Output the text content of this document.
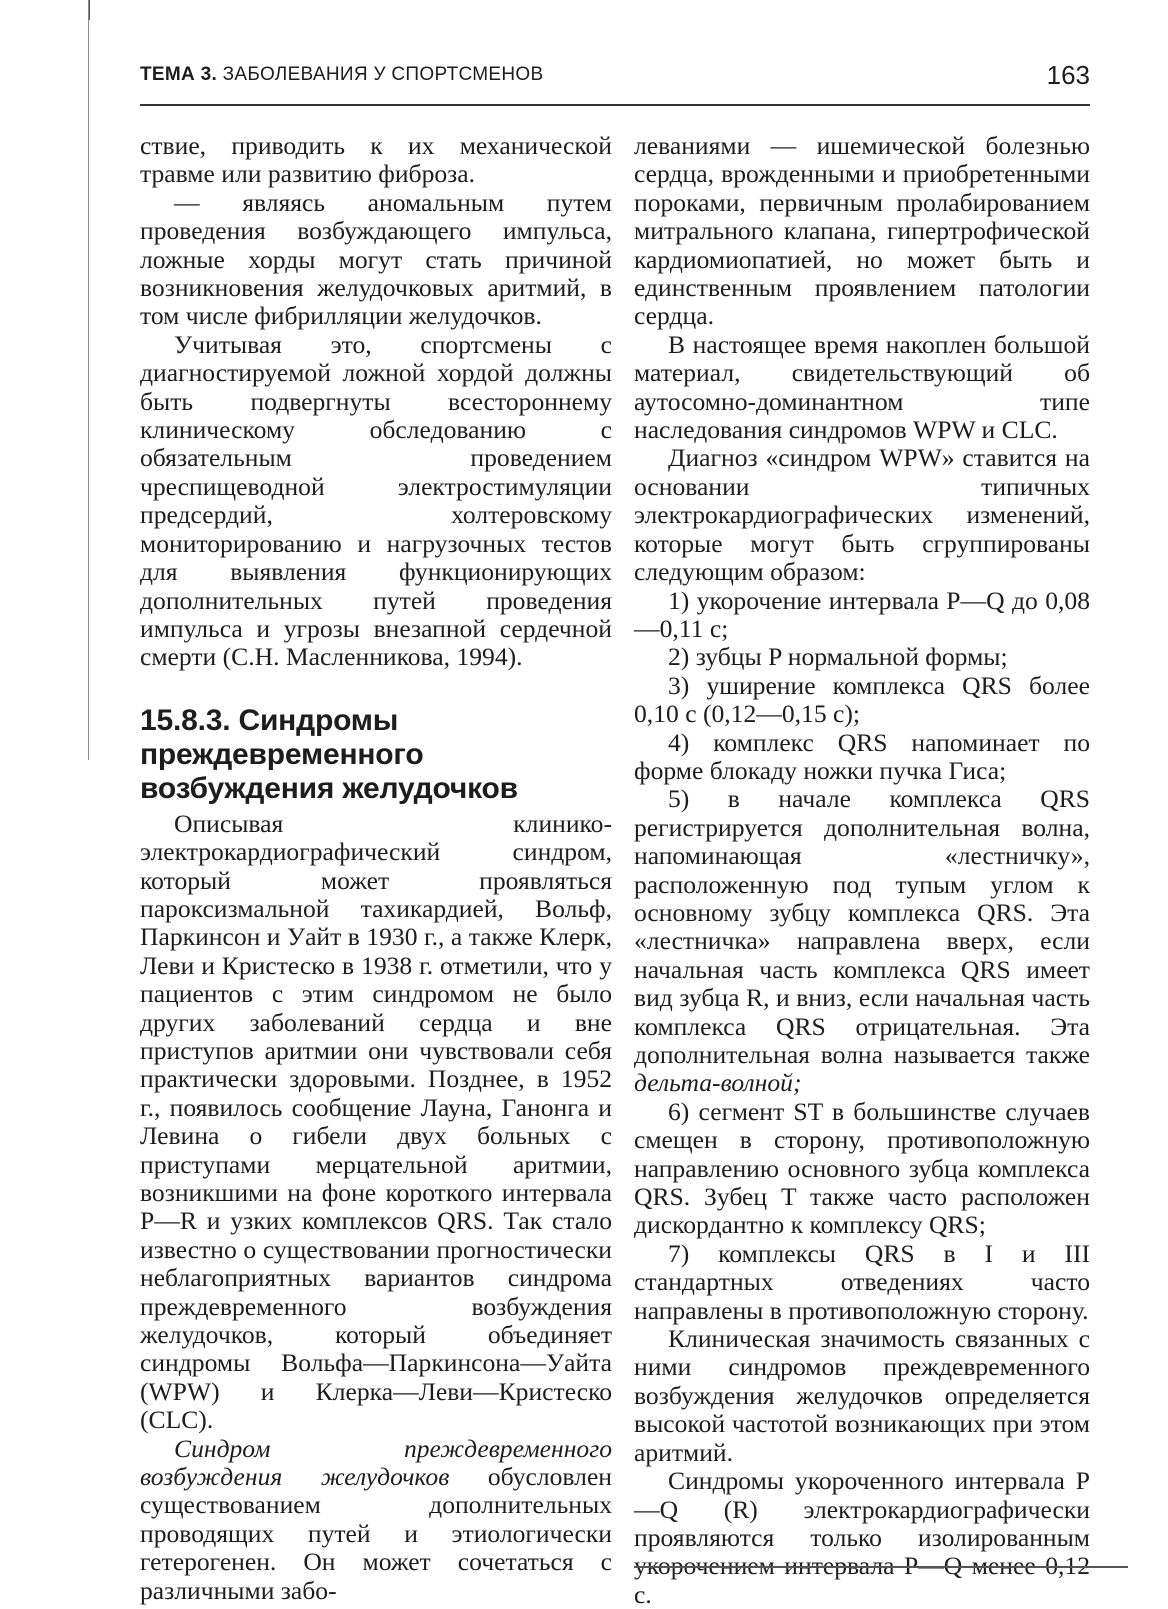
ТЕМА 3. ЗАБОЛЕВАНИЯ У СПОРТСМЕНОВ	163

ствие, приводить к их механической травме или развитию фиброза.

— являясь аномальным путем проведения возбуждающего импульса, ложные хорды могут стать причиной возникновения желудочковых аритмий, в том числе фибрилляции желудочков.

Учитывая это, спортсмены с диагностируемой ложной хордой должны быть подвергнуты всестороннему клиническому обследованию с обязательным проведением чреспищеводной электростимуляции предсердий, холтеровскому мониторированию и нагрузочных тестов для выявления функционирующих дополнительных путей проведения импульса и угрозы внезапной сердечной смерти (С.Н. Масленникова, 1994).

15.8.3. Синдромы преждевременного возбуждения желудочков

Описывая клинико-электрокардиографический синдром, который может проявляться пароксизмальной тахикардией, Вольф, Паркинсон и Уайт в 1930 г., а также Клерк, Леви и Кристеско в 1938 г. отметили, что у пациентов с этим синдромом не было других заболеваний сердца и вне приступов аритмии они чувствовали себя практически здоровыми. Позднее, в 1952 г., появилось сообщение Лауна, Ганонга и Левина о гибели двух больных с приступами мерцательной аритмии, возникшими на фоне короткого интервала P—R и узких комплексов QRS. Так стало известно о существовании прогностически неблагоприятных вариантов синдрома преждевременного возбуждения желудочков, который объединяет синдромы Вольфа—Паркинсона—Уайта (WPW) и Клерка—Леви—Кристеско (CLC).

Синдром преждевременного возбуждения желудочков обусловлен существованием дополнительных проводящих путей и этиологически гетерогенен. Он может сочетаться с различными забо-

леваниями — ишемической болезнью сердца, врожденными и приобретенными пороками, первичным пролабированием митрального клапана, гипертрофической кардиомиопатией, но может быть и единственным проявлением патологии сердца.

В настоящее время накоплен большой материал, свидетельствующий об аутосомно-доминантном типе наследования синдромов WPW и CLC.

Диагноз «синдром WPW» ставится на основании типичных электрокардиографических изменений, которые могут быть сгруппированы следующим образом:

1) укорочение интервала P—Q до 0,08—0,11 с;

2) зубцы P нормальной формы;

3) уширение комплекса QRS более 0,10 с (0,12—0,15 с);

4) комплекс QRS напоминает по форме блокаду ножки пучка Гиса;

5) в начале комплекса QRS регистрируется дополнительная волна, напоминающая «лестничку», расположенную под тупым углом к основному зубцу комплекса QRS. Эта «лестничка» направлена вверх, если начальная часть комплекса QRS имеет вид зубца R, и вниз, если начальная часть комплекса QRS отрицательная. Эта дополнительная волна называется также дельта-волной;

6) сегмент ST в большинстве случаев смещен в сторону, противоположную направлению основного зубца комплекса QRS. Зубец T также часто расположен дискордантно к комплексу QRS;

7) комплексы QRS в I и III стандартных отведениях часто направлены в противоположную сторону.

Клиническая значимость связанных с ними синдромов преждевременного возбуждения желудочков определяется высокой частотой возникающих при этом аритмий.

Синдромы укороченного интервала P—Q (R) электрокардиографически проявляются только изолированным укорочением интервала P—Q менее 0,12 с.
